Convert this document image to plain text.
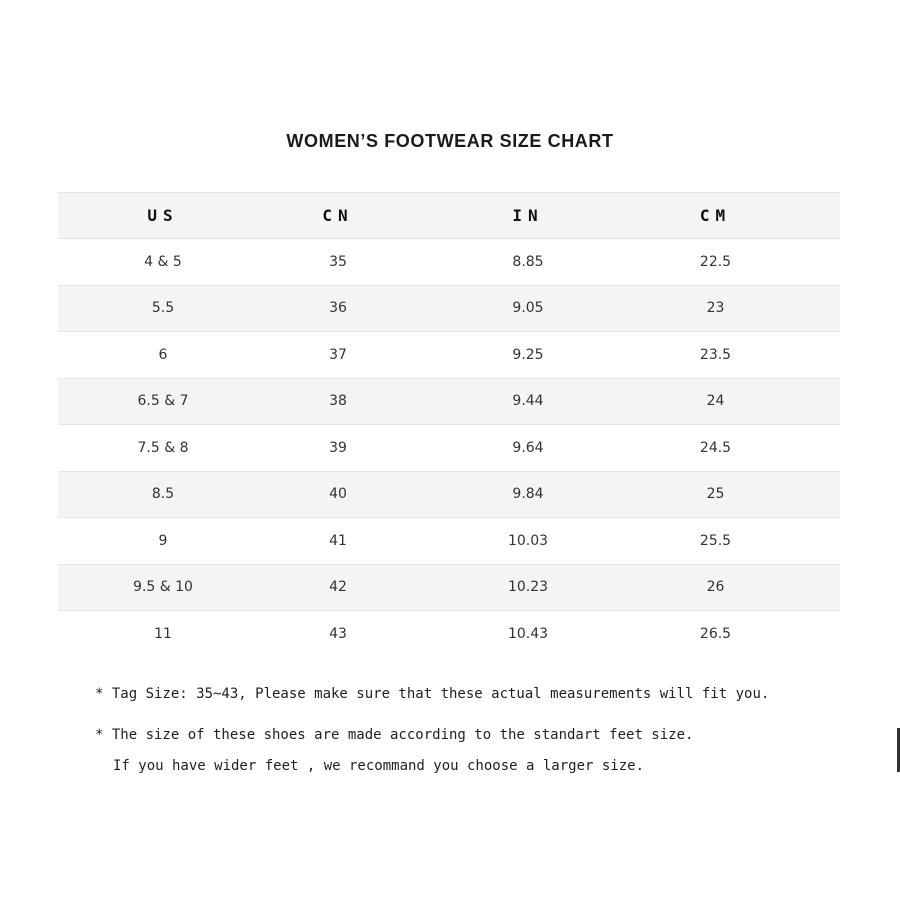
WOMEN’S FOOTWEAR SIZE CHART
US	CN	IN	CM
4 & 5	35	8.85	22.5
5.5	36	9.05	23
6	37	9.25	23.5
6.5 & 7	38	9.44	24
7.5 & 8	39	9.64	24.5
8.5	40	9.84	25
9	41	10.03	25.5
9.5 & 10	42	10.23	26
11	43	10.43	26.5

* Tag Size: 35~43, Please make sure that these actual measurements will fit you.

* The size of these shoes are made according to the standart feet size.

If you have wider feet , we recommand you choose a larger size.
